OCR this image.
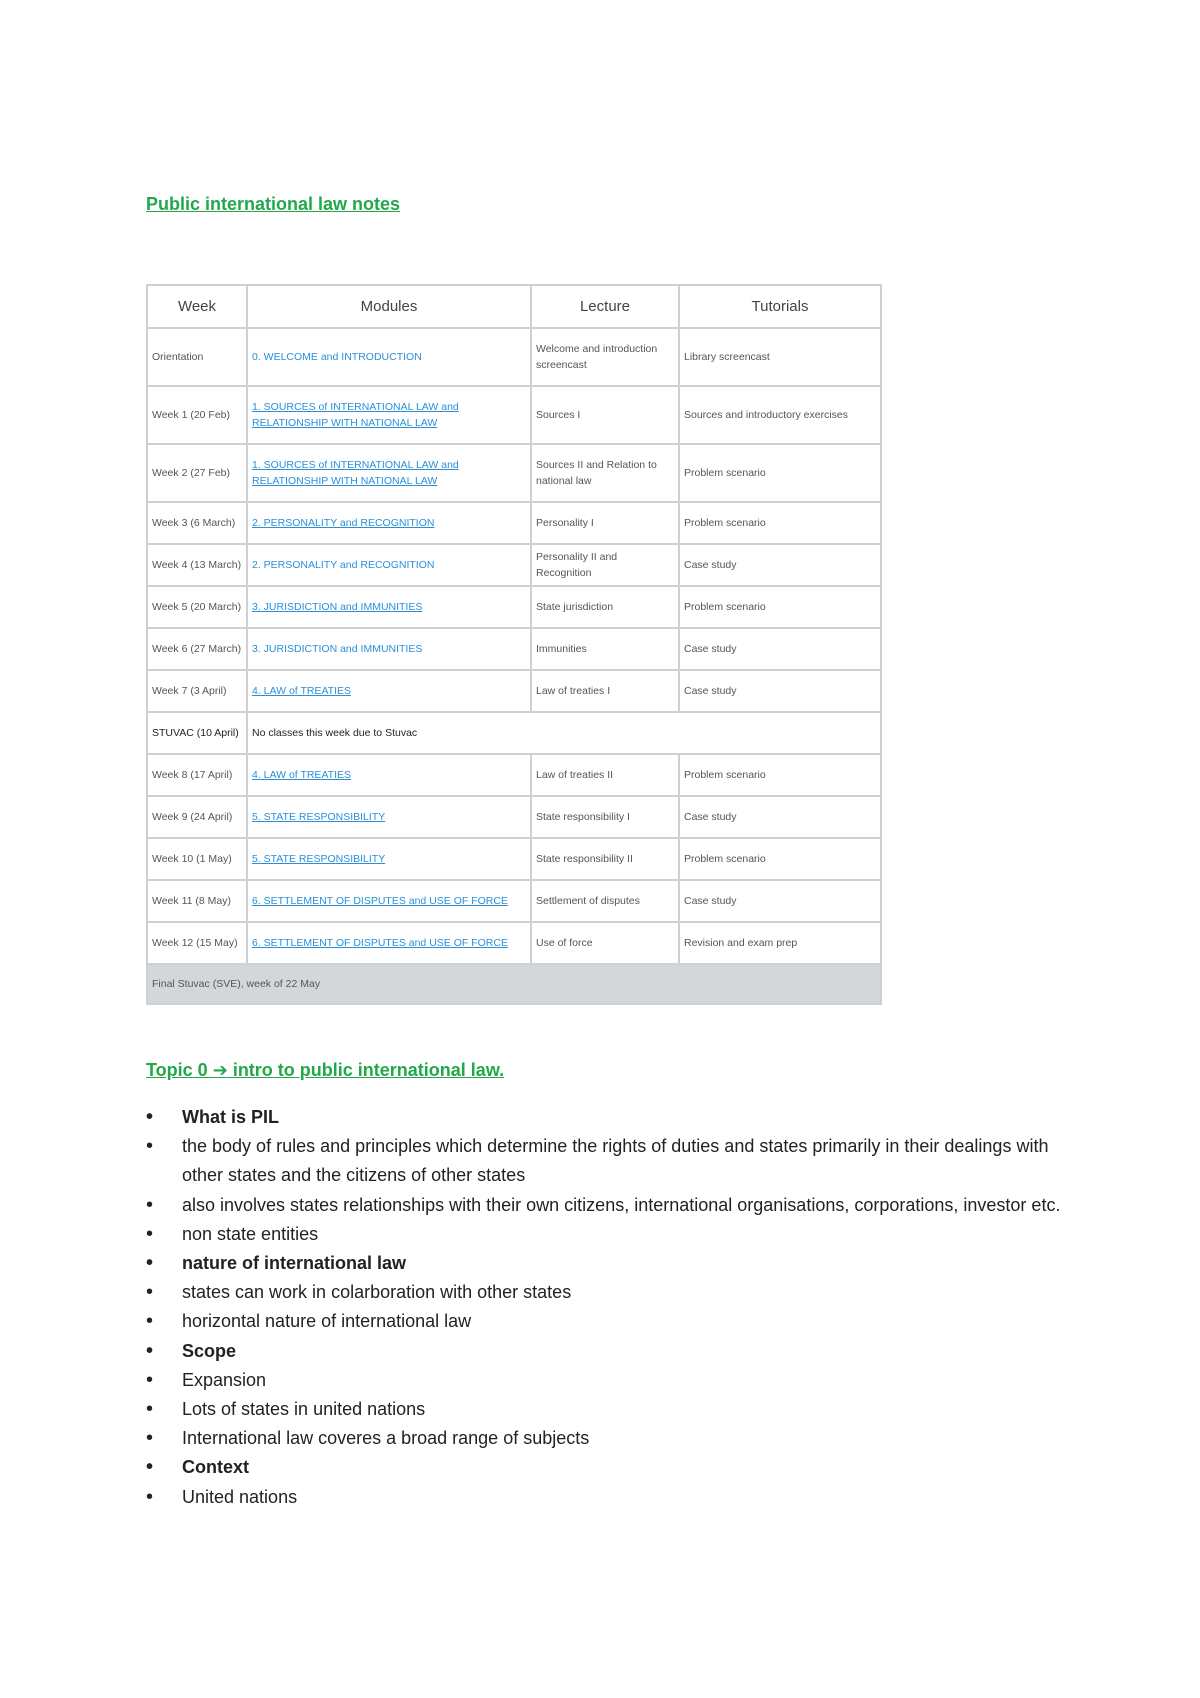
Public international law notes
Week	Modules	Lecture	Tutorials
Orientation	0. WELCOME and INTRODUCTION	Welcome and introduction screencast	Library screencast
Week 1 (20 Feb)	1. SOURCES of INTERNATIONAL LAW and RELATIONSHIP WITH NATIONAL LAW	Sources I	Sources and introductory exercises
Week 2 (27 Feb)	1. SOURCES of INTERNATIONAL LAW and RELATIONSHIP WITH NATIONAL LAW	Sources II and Relation to national law	Problem scenario
Week 3 (6 March)	2. PERSONALITY and RECOGNITION	Personality I	Problem scenario
Week 4 (13 March)	2. PERSONALITY and RECOGNITION	Personality II and Recognition	Case study
Week 5 (20 March)	3. JURISDICTION and IMMUNITIES	State jurisdiction	Problem scenario
Week 6 (27 March)	3. JURISDICTION and IMMUNITIES	Immunities	Case study
Week 7 (3 April)	4. LAW of TREATIES	Law of treaties I	Case study
STUVAC (10 April)	No classes this week due to Stuvac		
Week 8 (17 April)	4. LAW of TREATIES	Law of treaties II	Problem scenario
Week 9 (24 April)	5. STATE RESPONSIBILITY	State responsibility I	Case study
Week 10 (1 May)	5. STATE RESPONSIBILITY	State responsibility II	Problem scenario
Week 11 (8 May)	6. SETTLEMENT OF DISPUTES and USE OF FORCE	Settlement of disputes	Case study
Week 12 (15 May)	6. SETTLEMENT OF DISPUTES and USE OF FORCE	Use of force	Revision and exam prep
Final Stuvac (SVE), week of 22 May			
Topic 0 ➔ intro to public international law.
• What is PIL
• the body of rules and principles which determine the rights of duties and states primarily in their dealings with other states and the citizens of other states
• also involves states relationships with their own citizens, international organisations, corporations, investor etc.
• non state entities
• nature of international law
• states can work in colarboration with other states
• horizontal nature of international law
• Scope
• Expansion
• Lots of states in united nations
• International law coveres a broad range of subjects
• Context
• United nations
